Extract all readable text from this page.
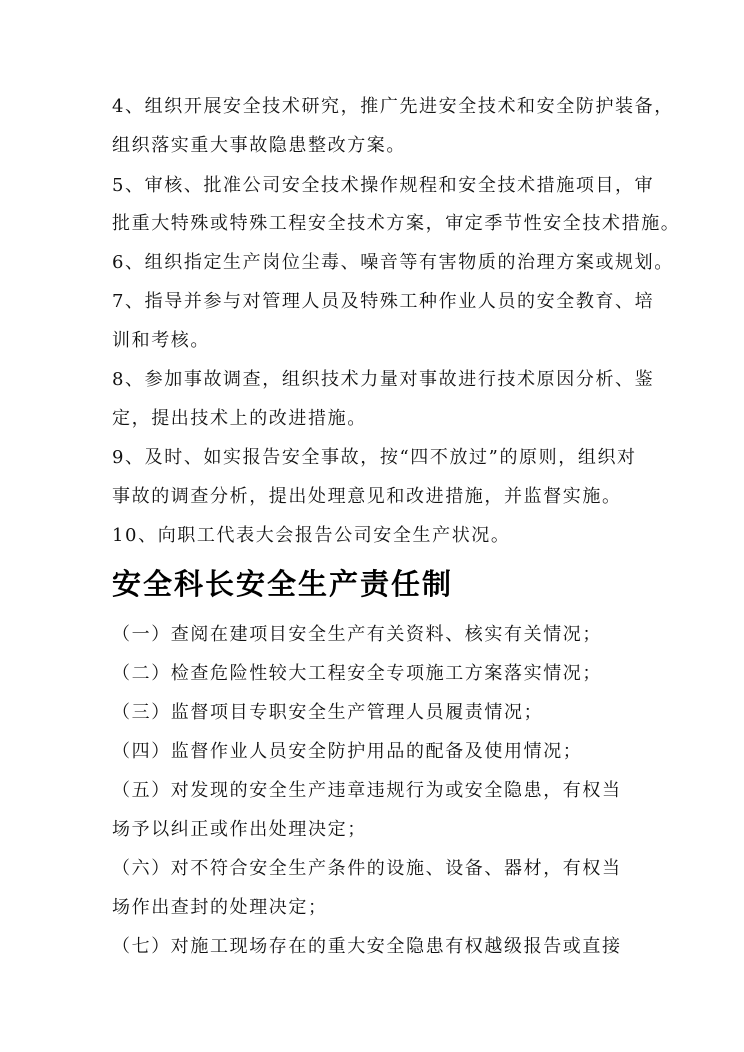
4、组织开展安全技术研究，推广先进安全技术和安全防护装备，
组织落实重大事故隐患整改方案。
5、审核、批准公司安全技术操作规程和安全技术措施项目，审
批重大特殊或特殊工程安全技术方案，审定季节性安全技术措施。
6、组织指定生产岗位尘毒、噪音等有害物质的治理方案或规划。
7、指导并参与对管理人员及特殊工种作业人员的安全教育、培
训和考核。
8、参加事故调查，组织技术力量对事故进行技术原因分析、鉴
定，提出技术上的改进措施。
9、及时、如实报告安全事故，按“四不放过”的原则，组织对
事故的调查分析，提出处理意见和改进措施，并监督实施。
10、向职工代表大会报告公司安全生产状况。
安全科长安全生产责任制
（一）查阅在建项目安全生产有关资料、核实有关情况；
（二）检查危险性较大工程安全专项施工方案落实情况；
（三）监督项目专职安全生产管理人员履责情况；
（四）监督作业人员安全防护用品的配备及使用情况；
（五）对发现的安全生产违章违规行为或安全隐患，有权当
场予以纠正或作出处理决定；
（六）对不符合安全生产条件的设施、设备、器材，有权当
场作出查封的处理决定；
（七）对施工现场存在的重大安全隐患有权越级报告或直接
